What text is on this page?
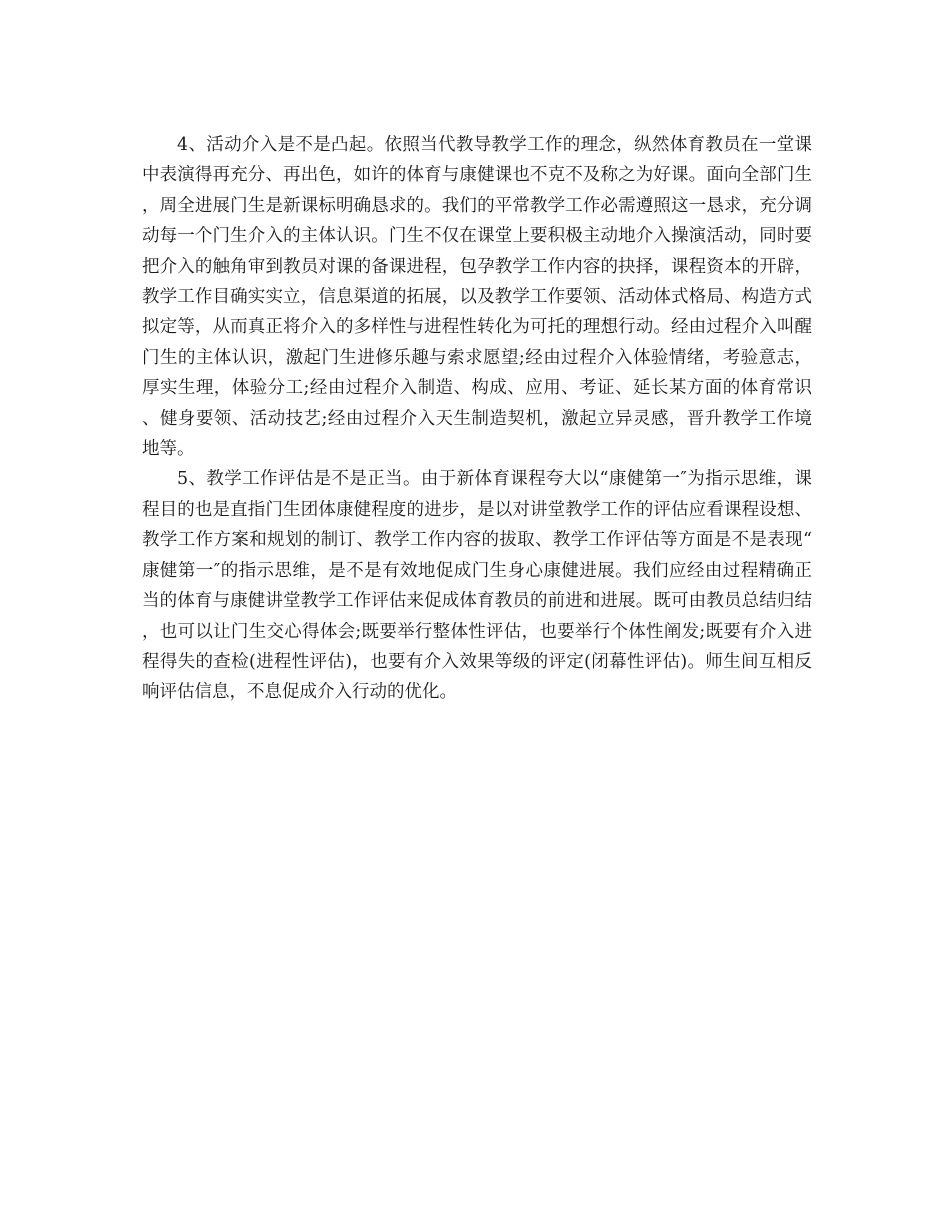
4、活动介入是不是凸起。依照当代教导教学工作的理念，纵然体育教员在一堂课中表演得再充分、再出色，如许的体育与康健课也不克不及称之为好课。面向全部门生，周全进展门生是新课标明确恳求的。我们的平常教学工作必需遵照这一恳求，充分调动每一个门生介入的主体认识。门生不仅在课堂上要积极主动地介入操演活动，同时要把介入的触角审到教员对课的备课进程，包孕教学工作内容的抉择，课程资本的开辟，教学工作目确实实立，信息渠道的拓展，以及教学工作要领、活动体式格局、构造方式拟定等，从而真正将介入的多样性与进程性转化为可托的理想行动。经由过程介入叫醒门生的主体认识，激起门生进修乐趣与索求愿望;经由过程介入体验情绪，考验意志，厚实生理，体验分工;经由过程介入制造、构成、应用、考证、延长某方面的体育常识、健身要领、活动技艺;经由过程介入天生制造契机，激起立异灵感，晋升教学工作境地等。

5、教学工作评估是不是正当。由于新体育课程夸大以“康健第一″为指示思维，课程目的也是直指门生团体康健程度的进步，是以对讲堂教学工作的评估应看课程设想、教学工作方案和规划的制订、教学工作内容的拔取、教学工作评估等方面是不是表现“康健第一″的指示思维，是不是有效地促成门生身心康健进展。我们应经由过程精确正当的体育与康健讲堂教学工作评估来促成体育教员的前进和进展。既可由教员总结归结，也可以让门生交心得体会;既要举行整体性评估，也要举行个体性阐发;既要有介入进程得失的查检(进程性评估)，也要有介入效果等级的评定(闭幕性评估)。师生间互相反响评估信息，不息促成介入行动的优化。
